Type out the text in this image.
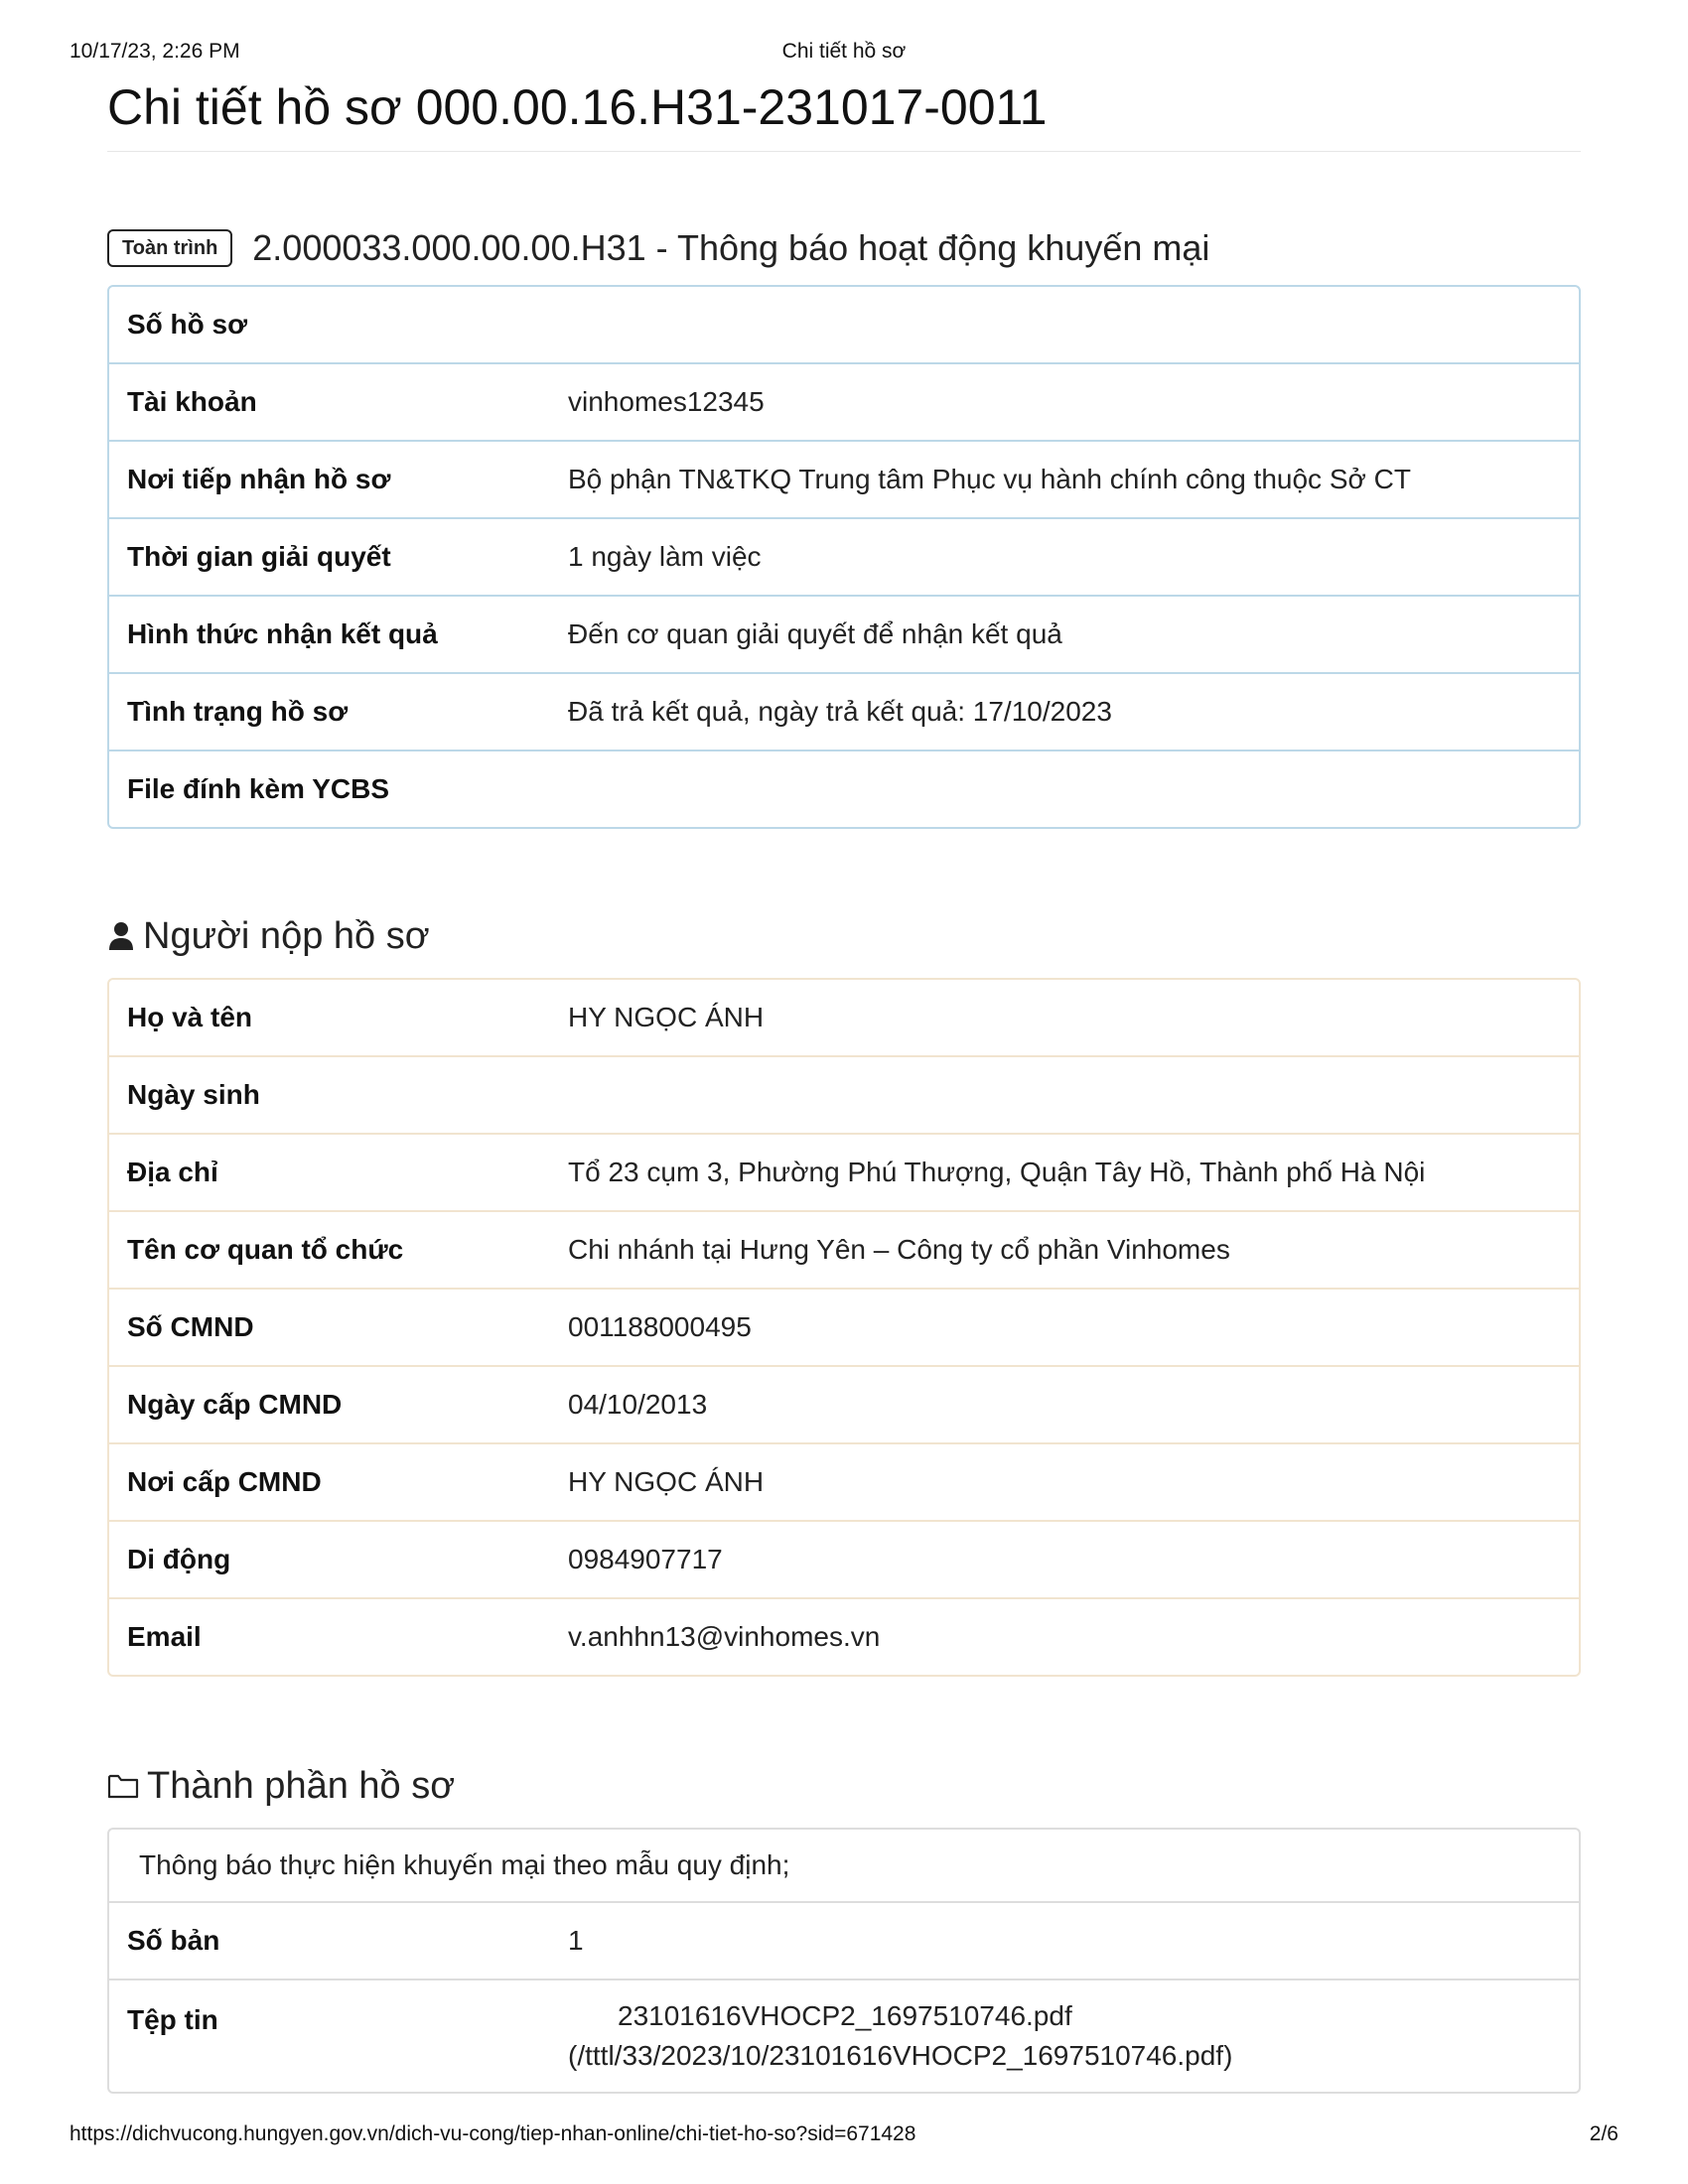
10/17/23, 2:26 PM	Chi tiết hồ sơ
Chi tiết hồ sơ 000.00.16.H31-231017-0011
Toàn trình 2.000033.000.00.00.H31 - Thông báo hoạt động khuyến mại
Số hồ sơ	
Tài khoản	vinhomes12345
Nơi tiếp nhận hồ sơ	Bộ phận TN&TKQ Trung tâm Phục vụ hành chính công thuộc Sở CT
Thời gian giải quyết	1 ngày làm việc
Hình thức nhận kết quả	Đến cơ quan giải quyết để nhận kết quả
Tình trạng hồ sơ	Đã trả kết quả, ngày trả kết quả: 17/10/2023
File đính kèm YCBS	
Người nộp hồ sơ
Họ và tên	HY NGỌC ÁNH
Ngày sinh	
Địa chỉ	Tổ 23 cụm 3, Phường Phú Thượng, Quận Tây Hồ, Thành phố Hà Nội
Tên cơ quan tổ chức	Chi nhánh tại Hưng Yên – Công ty cổ phần Vinhomes
Số CMND	001188000495
Ngày cấp CMND	04/10/2013
Nơi cấp CMND	HY NGỌC ÁNH
Di động	0984907717
Email	v.anhhn13@vinhomes.vn
Thành phần hồ sơ
Thông báo thực hiện khuyến mại theo mẫu quy định;
Số bản	1
Tệp tin	23101616VHOCP2_1697510746.pdf
(/tttl/33/2023/10/23101616VHOCP2_1697510746.pdf)
https://dichvucong.hungyen.gov.vn/dich-vu-cong/tiep-nhan-online/chi-tiet-ho-so?sid=671428	2/6
